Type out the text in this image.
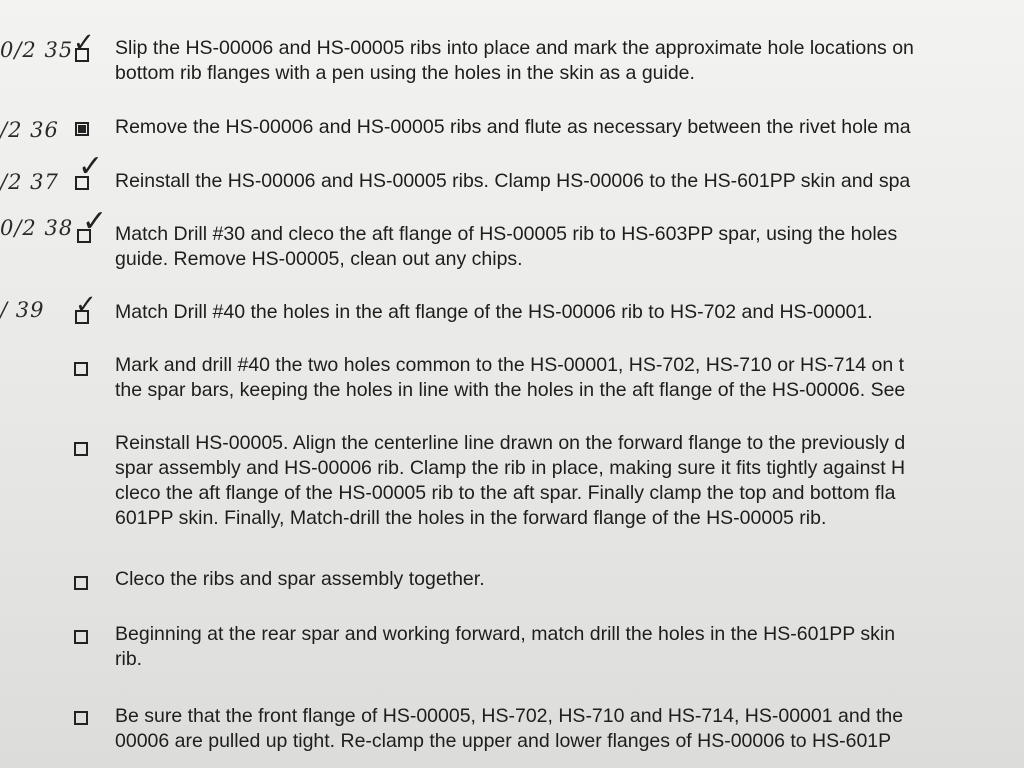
0/2 35 ✓ Slip the HS-00006 and HS-00005 ribs into place and mark the approximate hole locations on
bottom rib flanges with a pen using the holes in the skin as a guide.
/2 36	Remove the HS-00006 and HS-00005 ribs and flute as necessary between the rivet hole ma
/2 37 ✓ Reinstall the HS-00006 and HS-00005 ribs. Clamp HS-00006 to the HS-601PP skin and spa
0/2 38 ✓ Match Drill #30 and cleco the aft flange of HS-00005 rib to HS-603PP spar, using the holes
guide. Remove HS-00005, clean out any chips.
/ 39 ✓ Match Drill #40 the holes in the aft flange of the HS-00006 rib to HS-702 and HS-00001.
Mark and drill #40 the two holes common to the HS-00001, HS-702, HS-710 or HS-714 on t
the spar bars, keeping the holes in line with the holes in the aft flange of the HS-00006. See
Reinstall HS-00005. Align the centerline line drawn on the forward flange to the previously d
spar assembly and HS-00006 rib. Clamp the rib in place, making sure it fits tightly against H
cleco the aft flange of the HS-00005 rib to the aft spar. Finally clamp the top and bottom fla
601PP skin. Finally, Match-drill the holes in the forward flange of the HS-00005 rib.
Cleco the ribs and spar assembly together.
Beginning at the rear spar and working forward, match drill the holes in the HS-601PP skin
rib.
Be sure that the front flange of HS-00005, HS-702, HS-710 and HS-714, HS-00001 and the
00006 are pulled up tight. Re-clamp the upper and lower flanges of HS-00006 to HS-601P
